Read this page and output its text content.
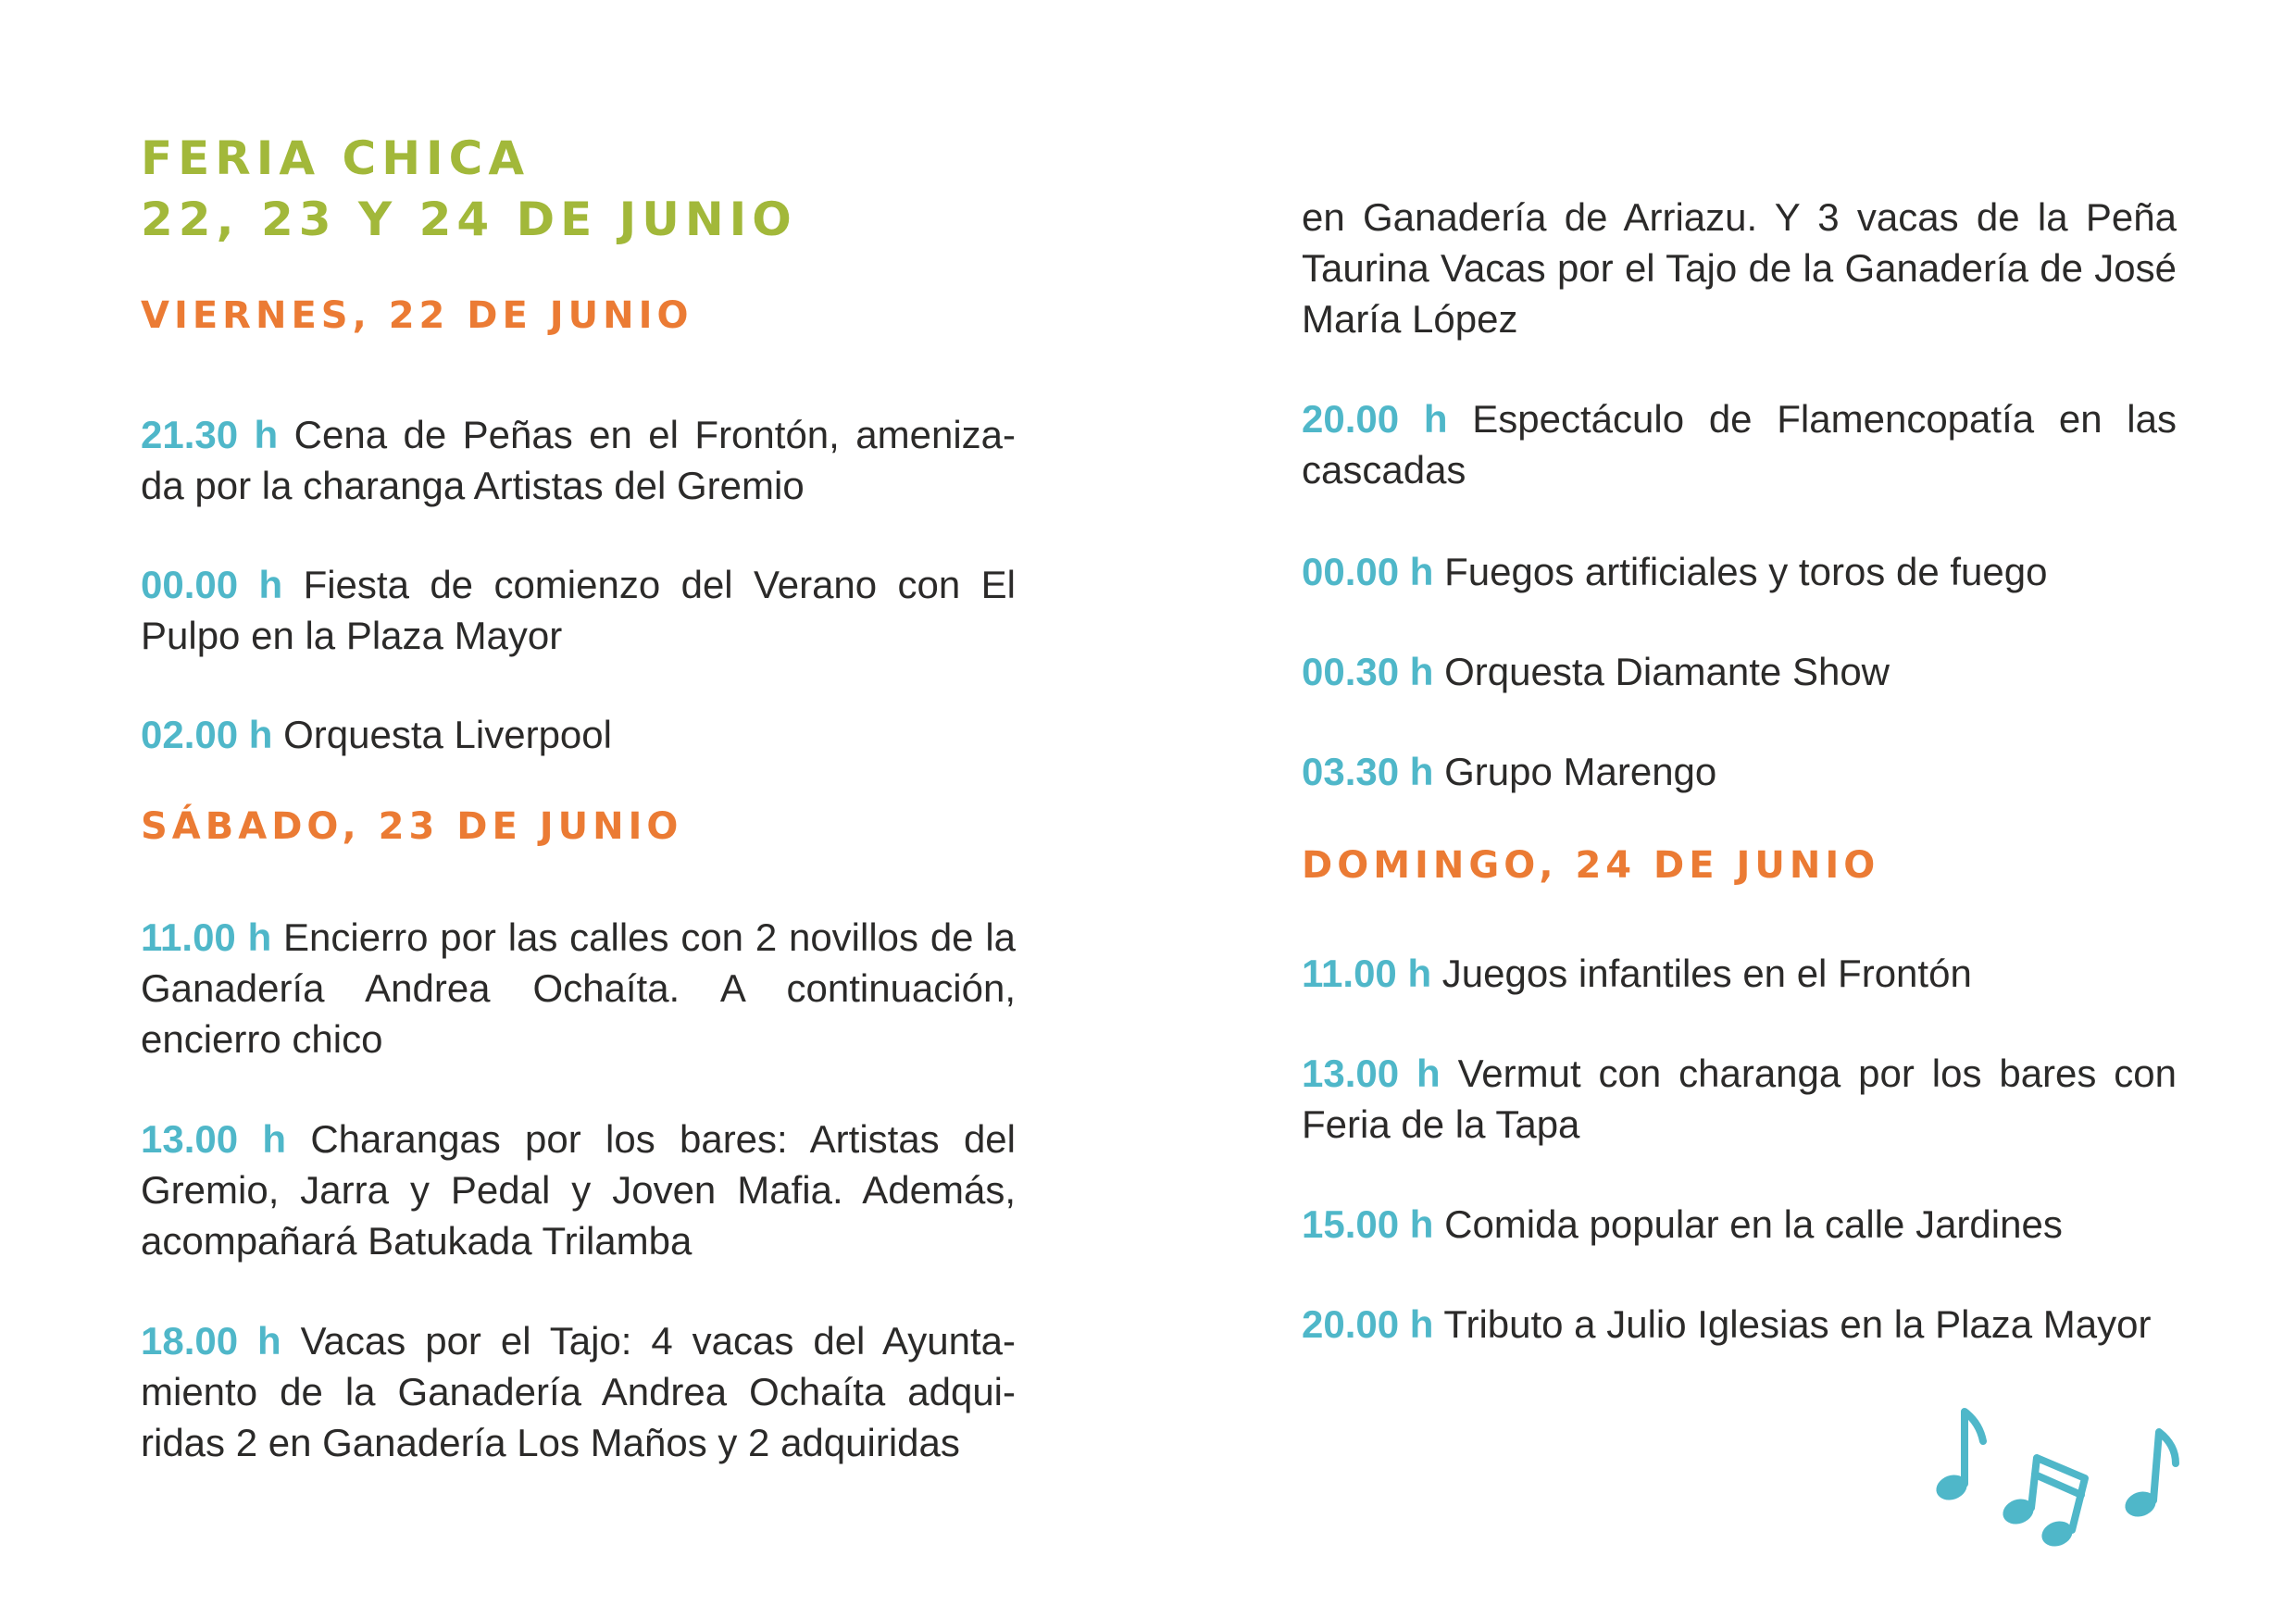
FERIA CHICA
22, 23 Y 24 DE JUNIO
VIERNES, 22 DE JUNIO

21.30 h Cena de Peñas en el Frontón, ameniza-da por la charanga Artistas del Gremio

00.00 h Fiesta de comienzo del Verano con El Pulpo en la Plaza Mayor

02.00 h Orquesta Liverpool

SÁBADO, 23 DE JUNIO

11.00 h Encierro por las calles con 2 novillos de la Ganadería Andrea Ochaíta. A continuación, encierro chico

13.00 h Charangas por los bares: Artistas del Gremio, Jarra y Pedal y Joven Mafia. Además, acompañará Batukada Trilamba

18.00 h Vacas por el Tajo: 4 vacas del Ayunta-miento de la Ganadería Andrea Ochaíta adqui-ridas 2 en Ganadería Los Maños y 2 adquiridas

en Ganadería de Arriazu. Y 3 vacas de la Peña Taurina Vacas por el Tajo de la Ganadería de José María López

20.00 h Espectáculo de Flamencopatía en las cascadas

00.00 h Fuegos artificiales y toros de fuego

00.30 h Orquesta Diamante Show

03.30 h Grupo Marengo

DOMINGO, 24 DE JUNIO

11.00 h Juegos infantiles en el Frontón

13.00 h Vermut con charanga por los bares con Feria de la Tapa

15.00 h Comida popular en la calle Jardines

20.00 h Tributo a Julio Iglesias en la Plaza Mayor
